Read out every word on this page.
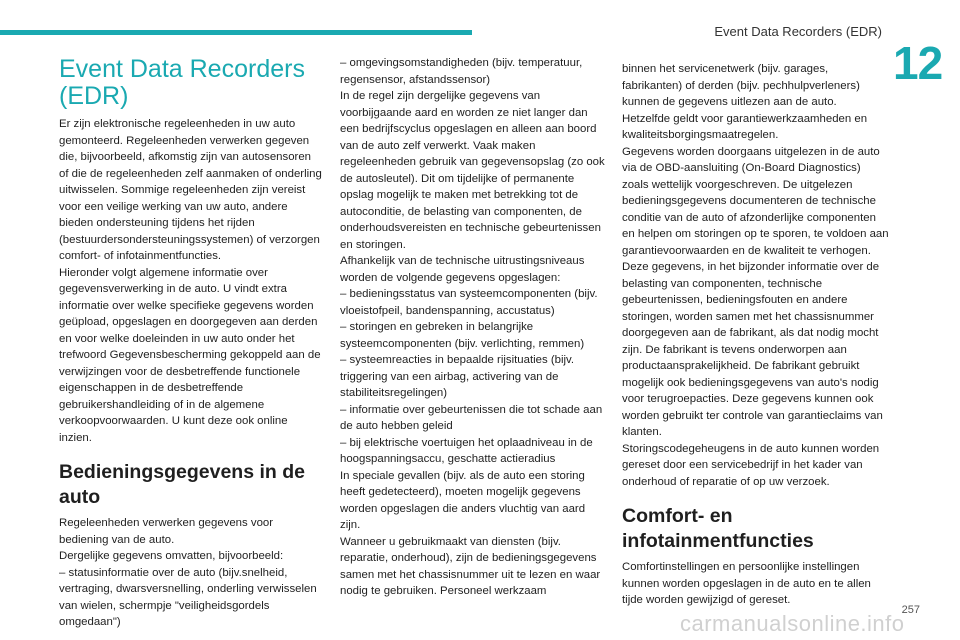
Event Data Recorders (EDR)
12
Event Data Recorders (EDR)

Er zijn elektronische regeleenheden in uw auto gemonteerd. Regeleenheden verwerken gegeven die, bijvoorbeeld, afkomstig zijn van autosensoren of die de regeleenheden zelf aanmaken of onderling uitwisselen. Sommige regeleenheden zijn vereist voor een veilige werking van uw auto, andere bieden ondersteuning tijdens het rijden (bestuurdersondersteuningssystemen) of verzorgen comfort- of infotainmentfuncties.

Hieronder volgt algemene informatie over gegevensverwerking in de auto. U vindt extra informatie over welke specifieke gegevens worden geüpload, opgeslagen en doorgegeven aan derden en voor welke doeleinden in uw auto onder het trefwoord Gegevensbescherming gekoppeld aan de verwijzingen voor de desbetreffende functionele eigenschappen in de desbetreffende gebruikershandleiding of in de algemene verkoopvoorwaarden. U kunt deze ook online inzien.

Bedieningsgegevens in de auto

Regeleenheden verwerken gegevens voor bediening van de auto.

Dergelijke gegevens omvatten, bijvoorbeeld:

– statusinformatie over de auto (bijv.snelheid, vertraging, dwarsversnelling, onderling verwisselen van wielen, schermpje "veiligheidsgordels omgedaan")

– omgevingsomstandigheden (bijv. temperatuur, regensensor, afstandssensor)

In de regel zijn dergelijke gegevens van voorbijgaande aard en worden ze niet langer dan een bedrijfscyclus opgeslagen en alleen aan boord van de auto zelf verwerkt. Vaak maken regeleenheden gebruik van gegevensopslag (zo ook de autosleutel). Dit om tijdelijke of permanente opslag mogelijk te maken met betrekking tot de autoconditie, de belasting van componenten, de onderhoudsvereisten en technische gebeurtenissen en storingen.

Afhankelijk van de technische uitrustingsniveaus worden de volgende gegevens opgeslagen:

– bedieningsstatus van systeemcomponenten (bijv. vloeistofpeil, bandenspanning, accustatus)

– storingen en gebreken in belangrijke systeemcomponenten (bijv. verlichting, remmen)

– systeemreacties in bepaalde rijsituaties (bijv. triggering van een airbag, activering van de stabiliteitsregelingen)

– informatie over gebeurtenissen die tot schade aan de auto hebben geleid

– bij elektrische voertuigen het oplaadniveau in de hoogspanningsaccu, geschatte actieradius

In speciale gevallen (bijv. als de auto een storing heeft gedetecteerd), moeten mogelijk gegevens worden opgeslagen die anders vluchtig van aard zijn.

Wanneer u gebruikmaakt van diensten (bijv. reparatie, onderhoud), zijn de bedieningsgegevens samen met het chassisnummer uit te lezen en waar nodig te gebruiken. Personeel werkzaam

binnen het servicenetwerk (bijv. garages, fabrikanten) of derden (bijv. pechhulpverleners) kunnen de gegevens uitlezen aan de auto.

Hetzelfde geldt voor garantiewerkzaamheden en kwaliteitsborgingsmaatregelen.

Gegevens worden doorgaans uitgelezen in de auto via de OBD-aansluiting (On-Board Diagnostics) zoals wettelijk voorgeschreven. De uitgelezen bedieningsgegevens documenteren de technische conditie van de auto of afzonderlijke componenten en helpen om storingen op te sporen, te voldoen aan garantievoorwaarden en de kwaliteit te verhogen. Deze gegevens, in het bijzonder informatie over de belasting van componenten, technische gebeurtenissen, bedieningsfouten en andere storingen, worden samen met het chassisnummer doorgegeven aan de fabrikant, als dat nodig mocht zijn. De fabrikant is tevens onderworpen aan productaansprakelijkheid. De fabrikant gebruikt mogelijk ook bedieningsgegevens van auto's nodig voor terugroepacties. Deze gegevens kunnen ook worden gebruikt ter controle van garantieclaims van klanten.

Storingscodegeheugens in de auto kunnen worden gereset door een servicebedrijf in het kader van onderhoud of reparatie of op uw verzoek.

Comfort- en infotainmentfuncties

Comfortinstellingen en persoonlijke instellingen kunnen worden opgeslagen in de auto en te allen tijde worden gewijzigd of gereset.

carmanualsonline.info
257
